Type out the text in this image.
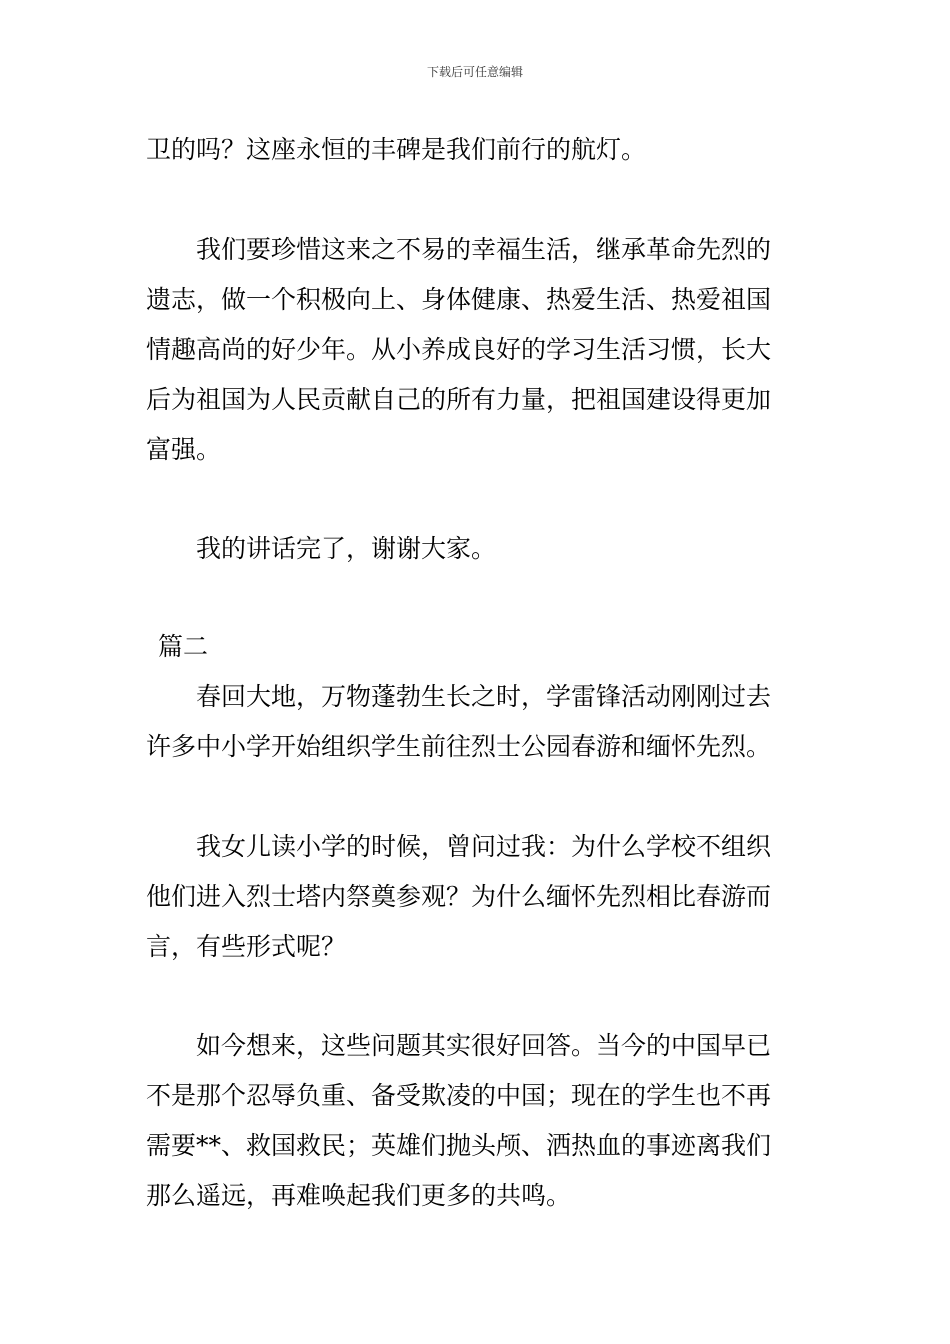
下载后可任意编辑

卫的吗？这座永恒的丰碑是我们前行的航灯。

我们要珍惜这来之不易的幸福生活，继承革命先烈的
遗志，做一个积极向上、身体健康、热爱生活、热爱祖国
情趣高尚的好少年。从小养成良好的学习生活习惯，长大
后为祖国为人民贡献自己的所有力量，把祖国建设得更加
富强。

我的讲话完了，谢谢大家。

篇二

春回大地，万物蓬勃生长之时，学雷锋活动刚刚过去
许多中小学开始组织学生前往烈士公园春游和缅怀先烈。

我女儿读小学的时候，曾问过我：为什么学校不组织
他们进入烈士塔内祭奠参观？为什么缅怀先烈相比春游而
言，有些形式呢？

如今想来，这些问题其实很好回答。当今的中国早已
不是那个忍辱负重、备受欺凌的中国；现在的学生也不再
需要**、救国救民；英雄们抛头颅、洒热血的事迹离我们
那么遥远，再难唤起我们更多的共鸣。
